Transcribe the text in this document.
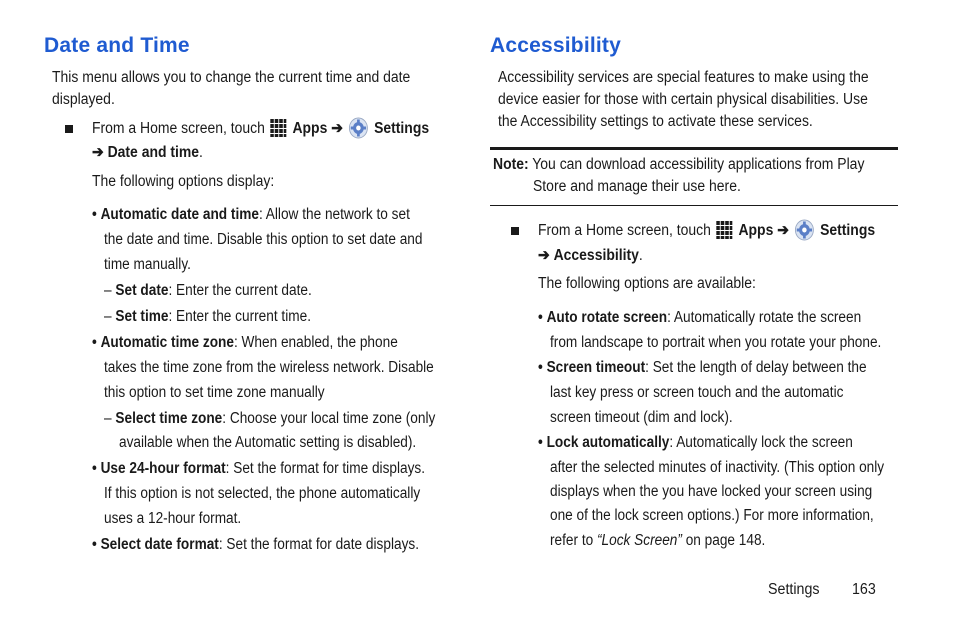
Date and Time

This menu allows you to change the current time and date

displayed.

From a Home screen, touch Apps ➔ Settings

➔ Date and time.

The following options display:

• Automatic date and time: Allow the network to set

the date and time. Disable this option to set date and

time manually.

– Set date: Enter the current date.

– Set time: Enter the current time.

• Automatic time zone: When enabled, the phone

takes the time zone from the wireless network. Disable

this option to set time zone manually

– Select time zone: Choose your local time zone (only

available when the Automatic setting is disabled).

• Use 24-hour format: Set the format for time displays.

If this option is not selected, the phone automatically

uses a 12-hour format.

• Select date format: Set the format for date displays.

Accessibility

Accessibility services are special features to make using the

device easier for those with certain physical disabilities. Use

the Accessibility settings to activate these services.

Note: You can download accessibility applications from Play

Store and manage their use here.

From a Home screen, touch Apps ➔ Settings

➔ Accessibility.

The following options are available:

• Auto rotate screen: Automatically rotate the screen

from landscape to portrait when you rotate your phone.

• Screen timeout: Set the length of delay between the

last key press or screen touch and the automatic

screen timeout (dim and lock).

• Lock automatically: Automatically lock the screen

after the selected minutes of inactivity. (This option only

displays when the you have locked your screen using

one of the lock screen options.) For more information,

refer to “Lock Screen” on page 148.

Settings 163
